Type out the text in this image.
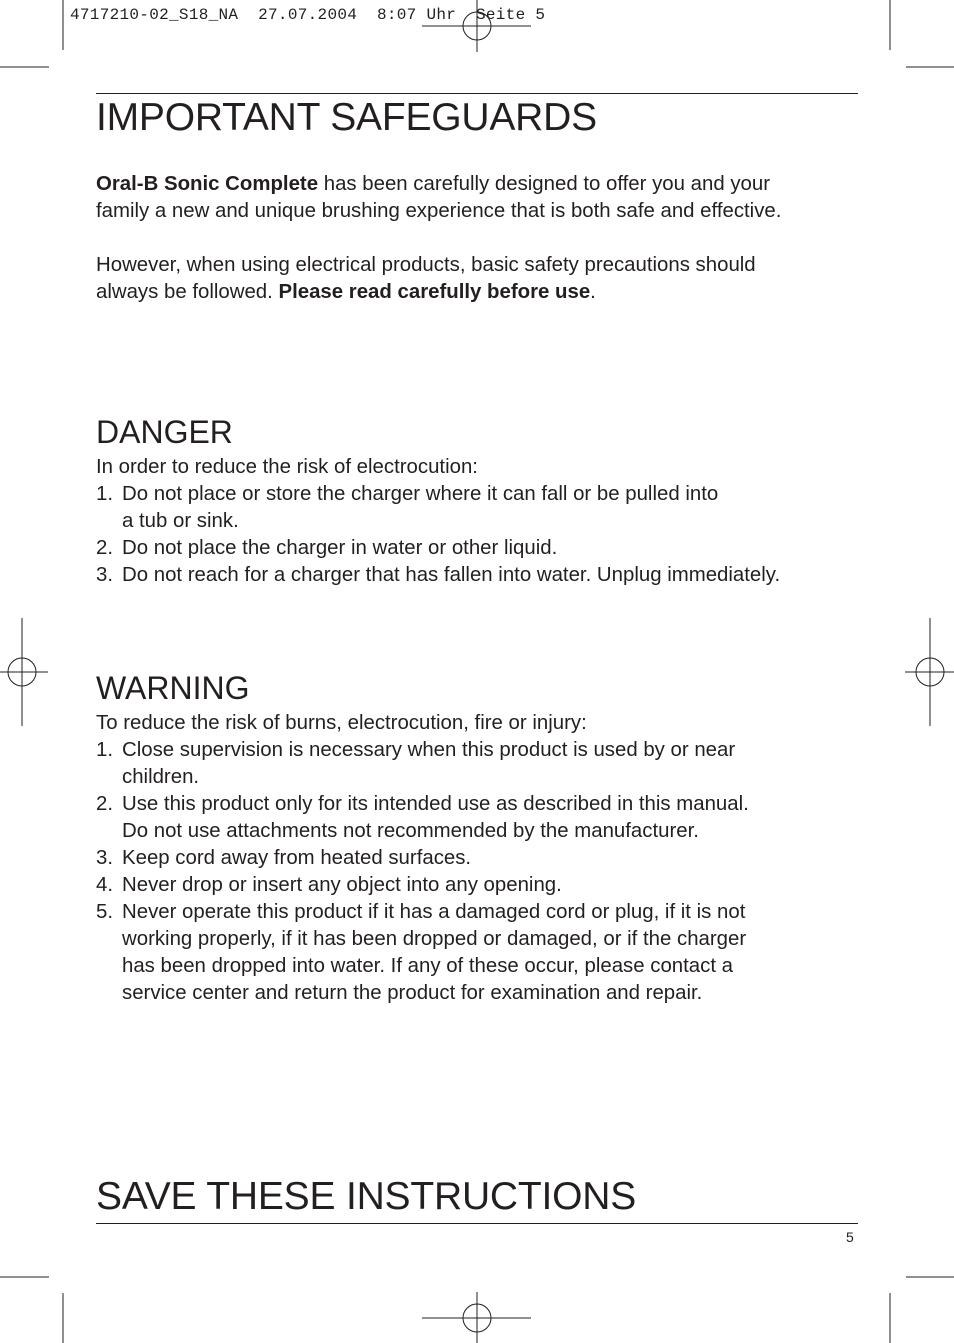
4717210-02_S18_NA  27.07.2004  8:07 Uhr  Seite 5
IMPORTANT SAFEGUARDS

Oral-B Sonic Complete has been carefully designed to offer you and your
family a new and unique brushing experience that is both safe and effective.

However, when using electrical products, basic safety precautions should
always be followed. Please read carefully before use.

DANGER

In order to reduce the risk of electrocution:

1. Do not place or store the charger where it can fall or be pulled into
a tub or sink.
2. Do not place the charger in water or other liquid.
3. Do not reach for a charger that has fallen into water. Unplug immediately.
WARNING

To reduce the risk of burns, electrocution, fire or injury:

1. Close supervision is necessary when this product is used by or near
children.
2. Use this product only for its intended use as described in this manual.
Do not use attachments not recommended by the manufacturer.
3. Keep cord away from heated surfaces.
4. Never drop or insert any object into any opening.
5. Never operate this product if it has a damaged cord or plug, if it is not
working properly, if it has been dropped or damaged, or if the charger
has been dropped into water. If any of these occur, please contact a
service center and return the product for examination and repair.
SAVE THESE INSTRUCTIONS
5
